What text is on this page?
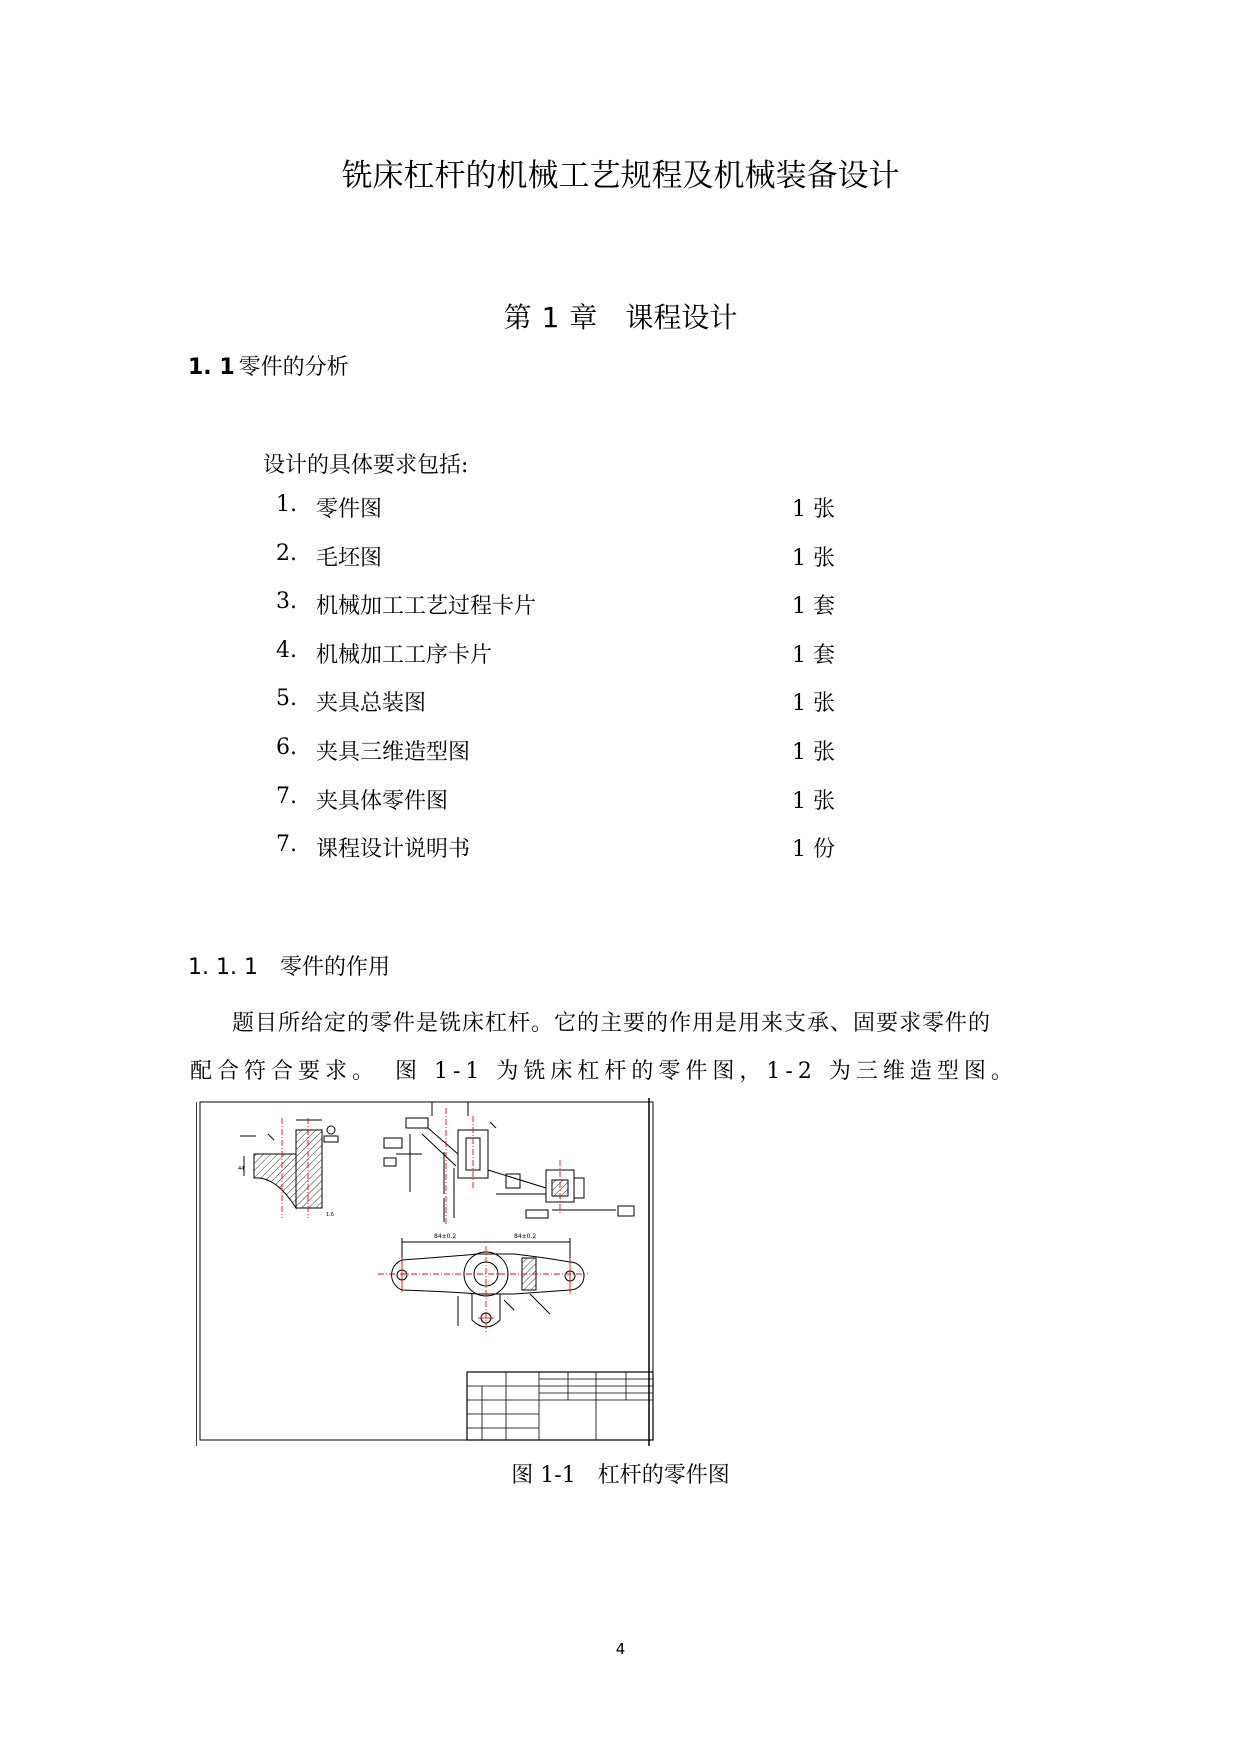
铣床杠杆的机械工艺规程及机械装备设计
第 1 章 课程设计
1. 1 零件的分析
设计的具体要求包括:
1. 零件图	1 张
2. 毛坯图	1 张
3. 机械加工工艺过程卡片	1 套
4. 机械加工工序卡片	1 套
5. 夹具总装图	1 张
6. 夹具三维造型图	1 张
7. 夹具体零件图	1 张
7. 课程设计说明书	1 份
1. 1. 1 零件的作用
题目所给定的零件是铣床杠杆。它的主要的作用是用来支承、固要求零件的
配合符合要求。　图 1-1 为铣床杠杆的零件图，1-2 为三维造型图。
44
1.6
84±0.2	84±0.2
图 1-1　杠杆的零件图
4
